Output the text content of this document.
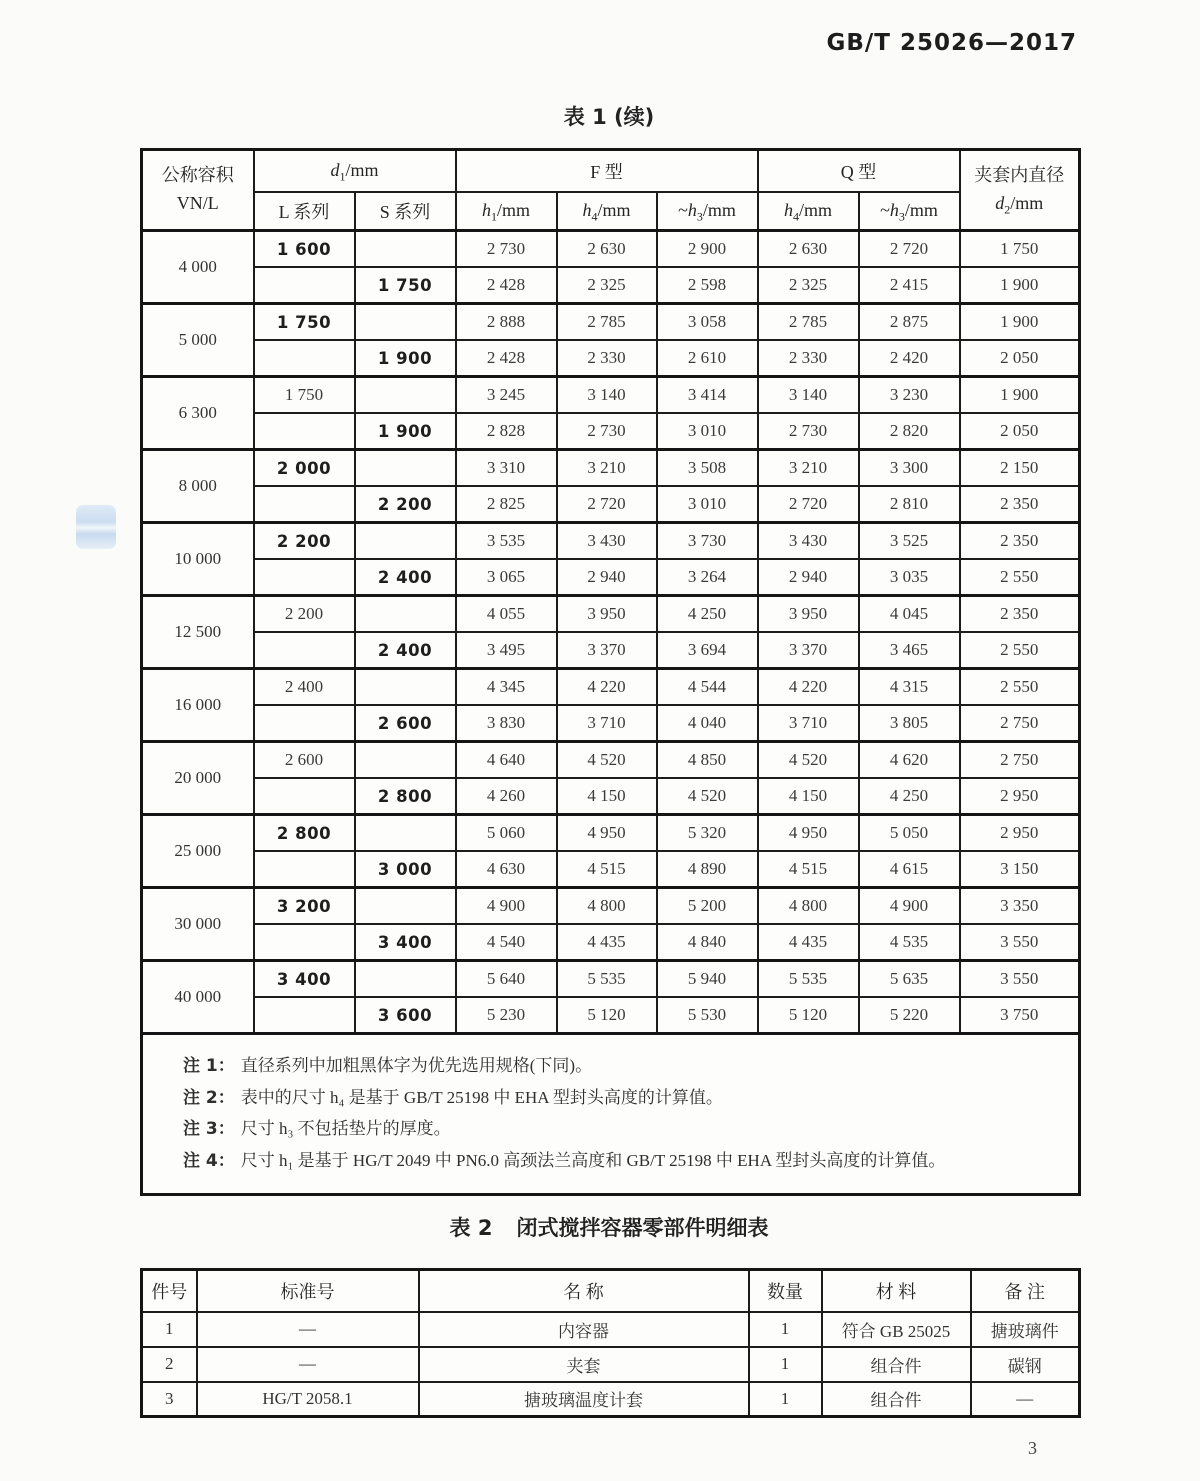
GB/T 25026—2017
表 1 (续)
公称容积
VN/L
	$d_1/mm$	F 型	Q 型	夹套内直径
$d_2/mm$

	L 系列	S 系列	$h_1/mm$	$h_4/mm$	$\sim h_3/mm$	$h_4/mm$	$\sim h_3/mm$	
4 000	1 600		2 730	2 630	2 900	2 630	2 720	1 750
		1 750	2 428	2 325	2 598	2 325	2 415	1 900
5 000	1 750		2 888	2 785	3 058	2 785	2 875	1 900
		1 900	2 428	2 330	2 610	2 330	2 420	2 050
6 300	1 750		3 245	3 140	3 414	3 140	3 230	1 900
		1 900	2 828	2 730	3 010	2 730	2 820	2 050
8 000	2 000		3 310	3 210	3 508	3 210	3 300	2 150
		2 200	2 825	2 720	3 010	2 720	2 810	2 350
10 000	2 200		3 535	3 430	3 730	3 430	3 525	2 350
		2 400	3 065	2 940	3 264	2 940	3 035	2 550
12 500	2 200		4 055	3 950	4 250	3 950	4 045	2 350
		2 400	3 495	3 370	3 694	3 370	3 465	2 550
16 000	2 400		4 345	4 220	4 544	4 220	4 315	2 550
		2 600	3 830	3 710	4 040	3 710	3 805	2 750
20 000	2 600		4 640	4 520	4 850	4 520	4 620	2 750
		2 800	4 260	4 150	4 520	4 150	4 250	2 950
25 000	2 800		5 060	4 950	5 320	4 950	5 050	2 950
		3 000	4 630	4 515	4 890	4 515	4 615	3 150
30 000	3 200		4 900	4 800	5 200	4 800	4 900	3 350
		3 400	4 540	4 435	4 840	4 435	4 535	3 550
40 000	3 400		5 640	5 535	5 940	5 535	5 635	3 550
		3 600	5 230	5 120	5 530	5 120	5 220	3 750

注 1： 直径系列中加粗黑体字为优先选用规格(下同)。
注 2： 表中的尺寸 h₄ 是基于 GB/T 25198 中 EHA 型封头高度的计算值。
注 3： 尺寸 h₃ 不包括垫片的厚度。
注 4： 尺寸 h₁ 是基于 HG/T 2049 中 PN6.0 高颈法兰高度和 GB/T 25198 中 EHA 型封头高度的计算值。								
表 2 闭式搅拌容器零部件明细表
件号	标准号	名 称	数量	材 料	备 注
1	—	内容器	1	符合 GB 25025	搪玻璃件
2	—	夹套	1	组合件	碳钢
3	HG/T 2058.1	搪玻璃温度计套	1	组合件	—
3
